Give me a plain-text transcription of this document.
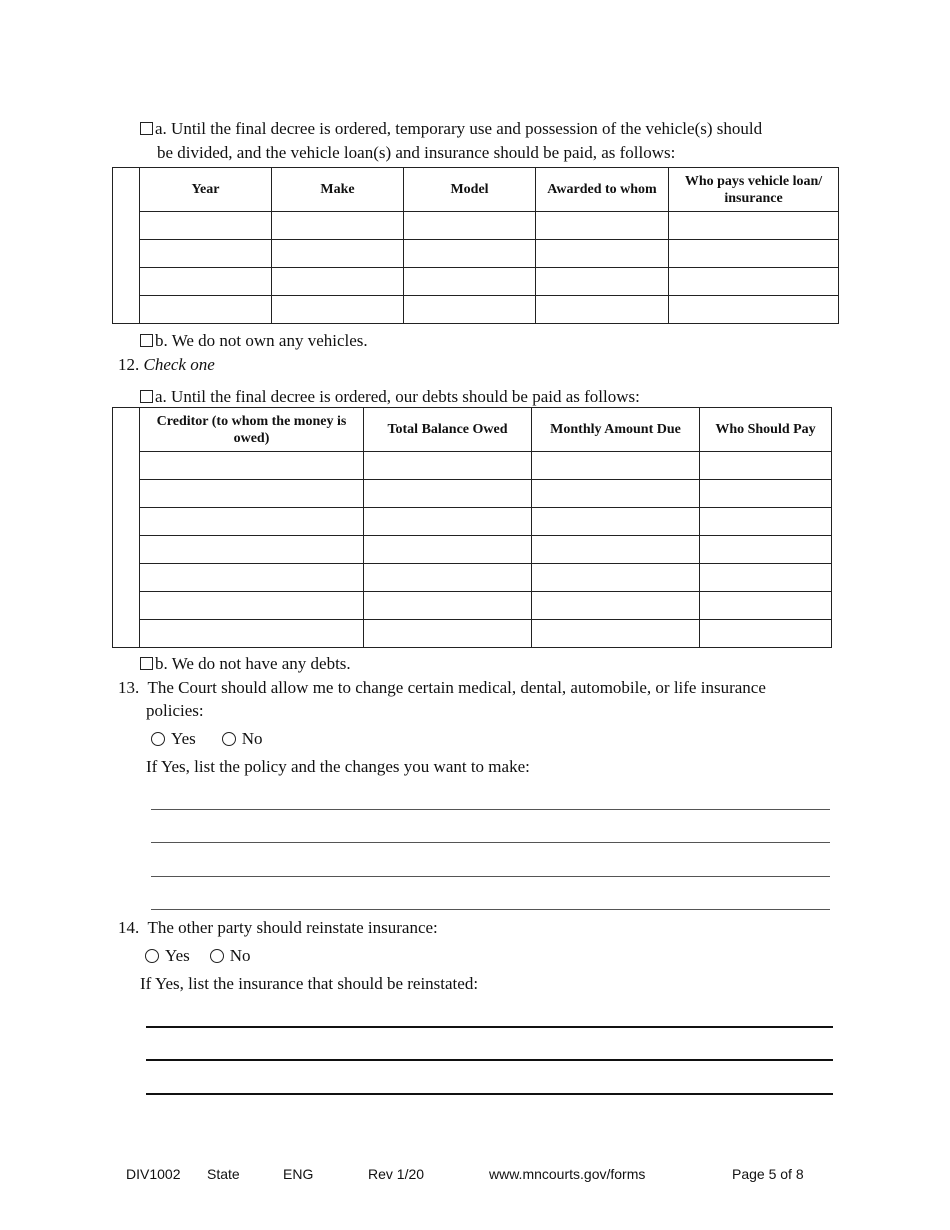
a. Until the final decree is ordered, temporary use and possession of the vehicle(s) should
be divided, and the vehicle loan(s) and insurance should be paid, as follows:
	Year	Make	Model	Awarded to whom	Who pays vehicle loan/ insurance

b. We do not own any vehicles.
12. Check one
a. Until the final decree is ordered, our debts should be paid as follows:
	Creditor (to whom the money is owed)	Total Balance Owed	Monthly Amount Due	Who Should Pay

b. We do not have any debts.
13. The Court should allow me to change certain medical, dental, automobile, or life insurance
policies:
Yes	No
If Yes, list the policy and the changes you want to make:
14. The other party should reinstate insurance:
Yes No
If Yes, list the insurance that should be reinstated:
DIV1002 State	ENG	Rev 1/20	www.mncourts.gov/forms	Page 5 of 8
